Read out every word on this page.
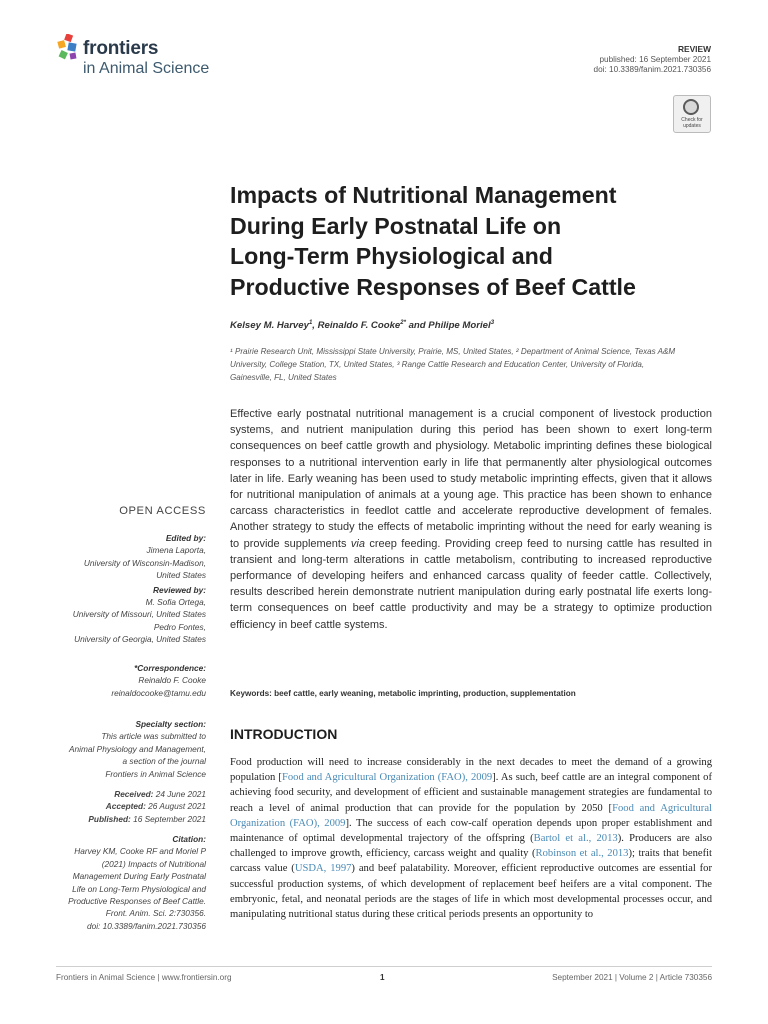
frontiers
in Animal Science
REVIEW
published: 16 September 2021
doi: 10.3389/fanim.2021.730356
Check for
updates
Impacts of Nutritional Management
During Early Postnatal Life on
Long-Term Physiological and
Productive Responses of Beef Cattle
Kelsey M. Harvey$^1$, Reinaldo F. Cooke$^{2*}$ and Philipe Moriel$^3$
¹ Prairie Research Unit, Mississippi State University, Prairie, MS, United States, ² Department of Animal Science, Texas A&M
University, College Station, TX, United States, ³ Range Cattle Research and Education Center, University of Florida,
Gainesville, FL, United States
Effective early postnatal nutritional management is a crucial component of livestock production systems, and nutrient manipulation during this period has been shown to exert long-term consequences on beef cattle growth and physiology. Metabolic imprinting defines these biological responses to a nutritional intervention early in life that permanently alter physiological outcomes later in life. Early weaning has been used to study metabolic imprinting effects, given that it allows for nutritional manipulation of animals at a young age. This practice has been shown to enhance carcass characteristics in feedlot cattle and accelerate reproductive development of females. Another strategy to study the effects of metabolic imprinting without the need for early weaning is to provide supplements via creep feeding. Providing creep feed to nursing cattle has resulted in transient and long-term alterations in cattle metabolism, contributing to increased reproductive performance of developing heifers and enhanced carcass quality of feeder cattle. Collectively, results described herein demonstrate nutrient manipulation during early postnatal life exerts long-term consequences on beef cattle productivity and may be a strategy to optimize production efficiency in beef cattle systems.
Keywords: beef cattle, early weaning, metabolic imprinting, production, supplementation
INTRODUCTION
Food production will need to increase considerably in the next decades to meet the demand of a growing population [Food and Agricultural Organization (FAO), 2009]. As such, beef cattle are an integral component of achieving food security, and development of efficient and sustainable management strategies are fundamental to reach a level of animal production that can provide for the population by 2050 [Food and Agricultural Organization (FAO), 2009]. The success of each cow-calf operation depends upon proper establishment and maintenance of optimal developmental trajectory of the offspring (Bartol et al., 2013). Producers are also challenged to improve growth, efficiency, carcass weight and quality (Robinson et al., 2013); traits that benefit carcass value (USDA, 1997) and beef palatability. Moreover, efficient reproductive outcomes are essential for successful production systems, of which development of replacement beef heifers are a vital component. The embryonic, fetal, and neonatal periods are the stages of life in which most developmental processes occur, and manipulating nutritional status during these critical periods presents an opportunity to
OPEN ACCESS
Edited by:
Jimena Laporta,
University of Wisconsin-Madison,
United States
Reviewed by:
M. Sofia Ortega,
University of Missouri, United States
Pedro Fontes,
University of Georgia, United States
*Correspondence:
Reinaldo F. Cooke
reinaldocooke@tamu.edu
Specialty section:
This article was submitted to
Animal Physiology and Management,
a section of the journal
Frontiers in Animal Science
Received: 24 June 2021
Accepted: 26 August 2021
Published: 16 September 2021
Citation:
Harvey KM, Cooke RF and Moriel P
(2021) Impacts of Nutritional
Management During Early Postnatal
Life on Long-Term Physiological and
Productive Responses of Beef Cattle.
Front. Anim. Sci. 2:730356.
doi: 10.3389/fanim.2021.730356
Frontiers in Animal Science | www.frontiersin.org	1	September 2021 | Volume 2 | Article 730356
